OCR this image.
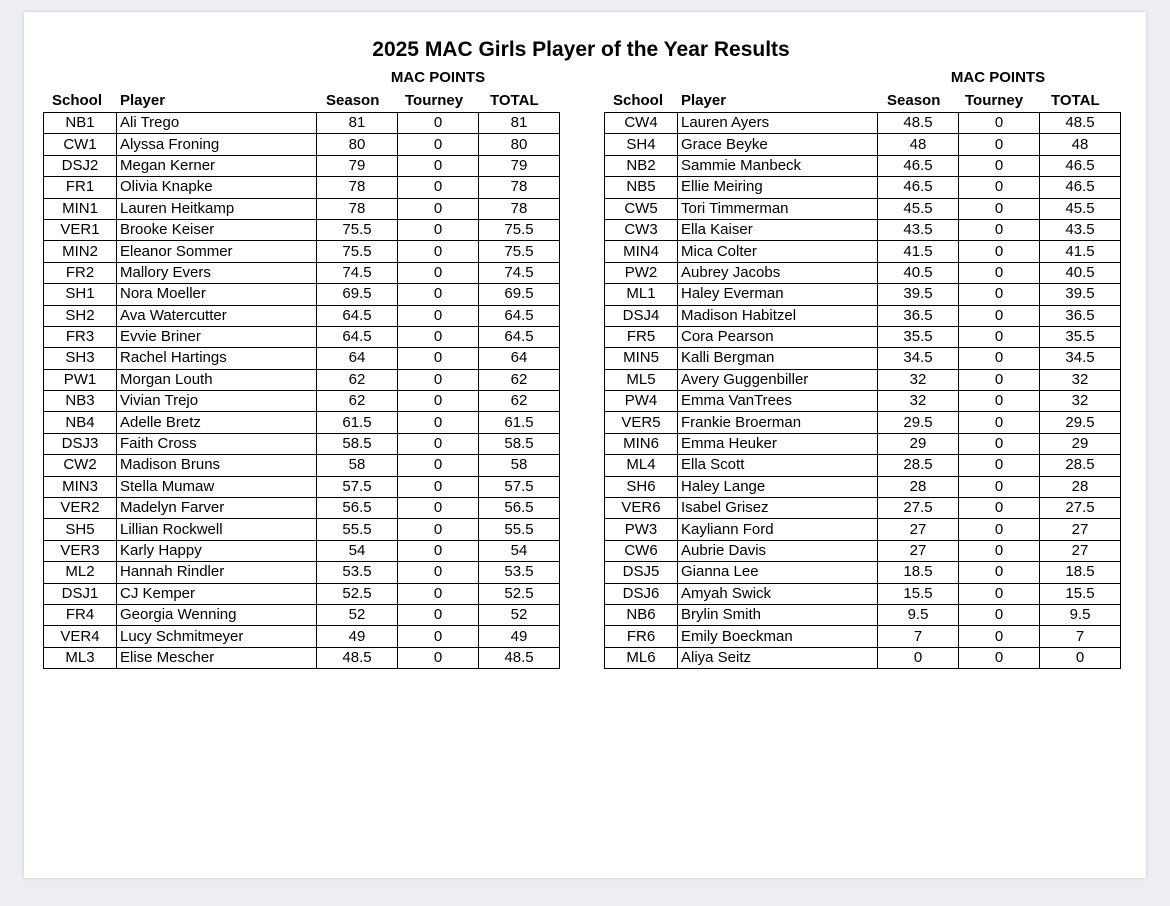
2025 MAC Girls Player of the Year Results
MAC POINTS	MAC POINTS
School Player	Season Tourney TOTAL	School Player	Season Tourney TOTAL
NB1	Ali Trego	81	0	81
CW1	Alyssa Froning	80	0	80
DSJ2	Megan Kerner	79	0	79
FR1	Olivia Knapke	78	0	78
MIN1	Lauren Heitkamp	78	0	78
VER1	Brooke Keiser	75.5	0	75.5
MIN2	Eleanor Sommer	75.5	0	75.5
FR2	Mallory Evers	74.5	0	74.5
SH1	Nora Moeller	69.5	0	69.5
SH2	Ava Watercutter	64.5	0	64.5
FR3	Evvie Briner	64.5	0	64.5
SH3	Rachel Hartings	64	0	64
PW1	Morgan Louth	62	0	62
NB3	Vivian Trejo	62	0	62
NB4	Adelle Bretz	61.5	0	61.5
DSJ3	Faith Cross	58.5	0	58.5
CW2	Madison Bruns	58	0	58
MIN3	Stella Mumaw	57.5	0	57.5
VER2	Madelyn Farver	56.5	0	56.5
SH5	Lillian Rockwell	55.5	0	55.5
VER3	Karly Happy	54	0	54
ML2	Hannah Rindler	53.5	0	53.5
DSJ1	CJ Kemper	52.5	0	52.5
FR4	Georgia Wenning	52	0	52
VER4	Lucy Schmitmeyer	49	0	49
ML3	Elise Mescher	48.5	0	48.5
CW4	Lauren Ayers	48.5	0	48.5
SH4	Grace Beyke	48	0	48
NB2	Sammie Manbeck	46.5	0	46.5
NB5	Ellie Meiring	46.5	0	46.5
CW5	Tori Timmerman	45.5	0	45.5
CW3	Ella Kaiser	43.5	0	43.5
MIN4	Mica Colter	41.5	0	41.5
PW2	Aubrey Jacobs	40.5	0	40.5
ML1	Haley Everman	39.5	0	39.5
DSJ4	Madison Habitzel	36.5	0	36.5
FR5	Cora Pearson	35.5	0	35.5
MIN5	Kalli Bergman	34.5	0	34.5
ML5	Avery Guggenbiller	32	0	32
PW4	Emma VanTrees	32	0	32
VER5	Frankie Broerman	29.5	0	29.5
MIN6	Emma Heuker	29	0	29
ML4	Ella Scott	28.5	0	28.5
SH6	Haley Lange	28	0	28
VER6	Isabel Grisez	27.5	0	27.5
PW3	Kayliann Ford	27	0	27
CW6	Aubrie Davis	27	0	27
DSJ5	Gianna Lee	18.5	0	18.5
DSJ6	Amyah Swick	15.5	0	15.5
NB6	Brylin Smith	9.5	0	9.5
FR6	Emily Boeckman	7	0	7
ML6	Aliya Seitz	0	0	0
